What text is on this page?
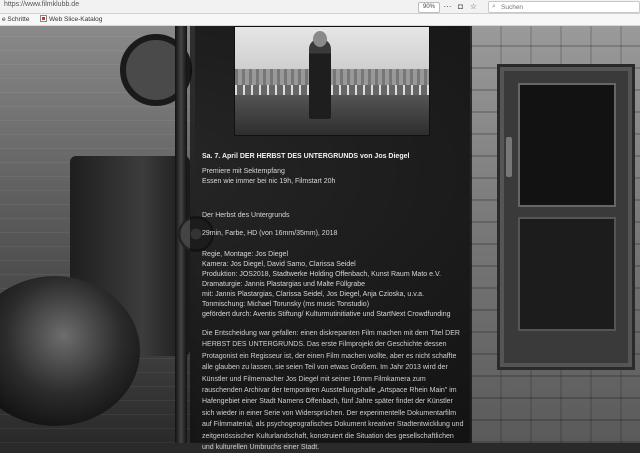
https://www.filmklubb.de	90%	⋯ ◘ ☆ ⌕
Suchen
e Schritte	Web Slice-Katalog
Sa. 7. April DER HERBST DES UNTERGRUNDS von Jos Diegel
Premiere mit Sektempfang
Essen wie immer bei nic 19h, Filmstart 20h
Der Herbst des Untergrunds
29min, Farbe, HD (von 16mm/35mm), 2018
Regie, Montage: Jos Diegel
Kamera: Jos Diegel, David Samo, Clarissa Seidel
Produktion: JOS2018, Stadtwerke Holding Offenbach, Kunst Raum Mato e.V.
Dramaturgie: Jannis Plastargias und Malte Füllgrabe
mit: Jannis Plastargias, Clarissa Seidel, Jos Diegel, Anja Czioska, u.v.a.
Tonmischung: Michael Torunsky (ms music Tonstudio)
gefördert durch: Aventis Stiftung/ Kulturmutinitiative und StartNext Crowdfunding
Die Entscheidung war gefallen: einen diskrepanten Film machen mit dem Titel DER HERBST DES UNTERGRUNDS. Das erste Filmprojekt der Geschichte dessen Protagonist ein Regisseur ist, der einen Film machen wollte, aber es nicht schaffte alle glauben zu lassen, sie seien Teil von etwas Großem. Im Jahr 2013 wird der Künstler und Filmemacher Jos Diegel mit seiner 16mm Filmkamera zum rauschenden Archivar der temporären Ausstellungshalle „Artspace Rhein Main" im Hafengebiet einer Stadt Namens Offenbach, fünf Jahre später findet der Künstler sich wieder in einer Serie von Widersprüchen. Der experimentelle Dokumentarfilm auf Filmmaterial, als psychogeografisches Dokument kreativer Stadtentwicklung und zeitgenössischer Kulturlandschaft, konstruiert die Situation des gesellschaftlichen und kulturellen Umbruchs einer Stadt.
